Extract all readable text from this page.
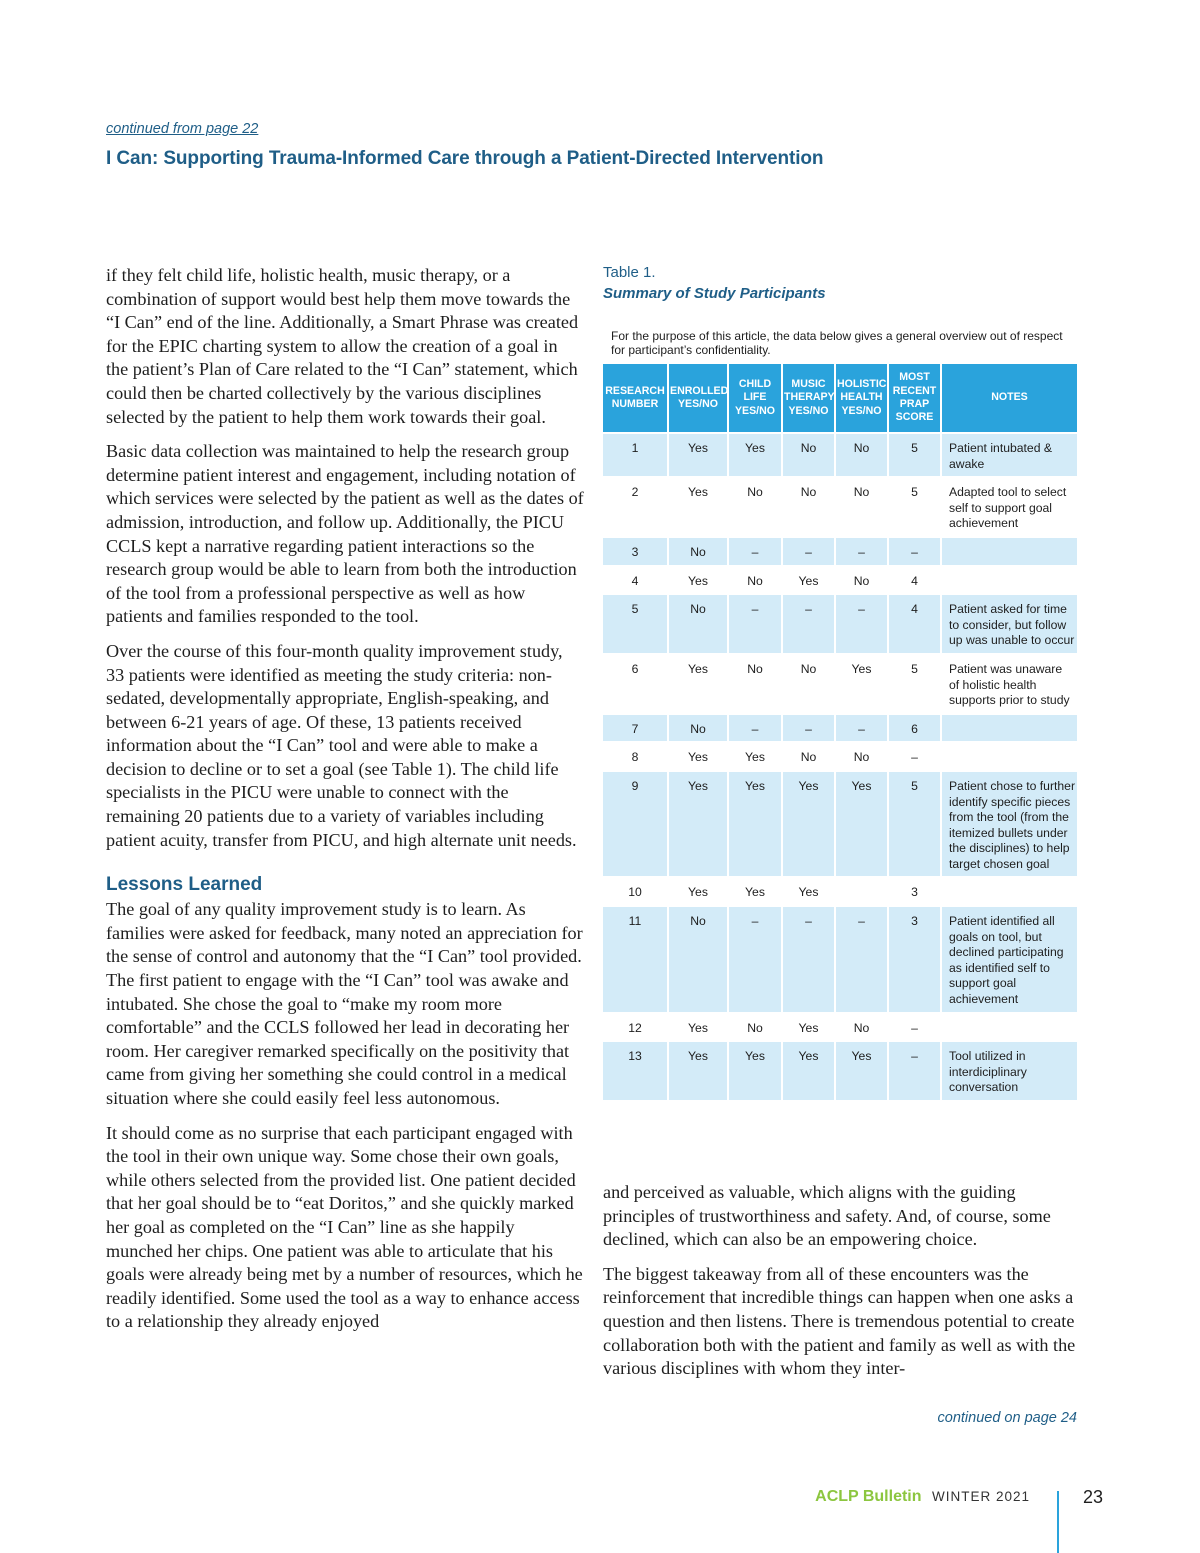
continued from page 22
I Can: Supporting Trauma-Informed Care through a Patient-Directed Intervention

if they felt child life, holistic health, music therapy, or a combination of support would best help them move towards the “I Can” end of the line. Additionally, a Smart Phrase was created for the EPIC charting system to allow the creation of a goal in the patient’s Plan of Care related to the “I Can” statement, which could then be charted collectively by the various disciplines selected by the patient to help them work towards their goal.

Basic data collection was maintained to help the research group determine patient interest and engagement, including notation of which services were selected by the patient as well as the dates of admission, introduction, and follow up. Additionally, the PICU CCLS kept a narrative regarding patient interactions so the research group would be able to learn from both the introduction of the tool from a professional perspective as well as how patients and families responded to the tool.

Over the course of this four-month quality improvement study, 33 patients were identified as meeting the study criteria: non-sedated, developmentally appropriate, English-speaking, and between 6-21 years of age. Of these, 13 patients received information about the “I Can” tool and were able to make a decision to decline or to set a goal (see Table 1). The child life specialists in the PICU were unable to connect with the remaining 20 patients due to a variety of variables including patient acuity, transfer from PICU, and high alternate unit needs.

Lessons Learned

The goal of any quality improvement study is to learn. As families were asked for feedback, many noted an appreciation for the sense of control and autonomy that the “I Can” tool provided. The first patient to engage with the “I Can” tool was awake and intubated. She chose the goal to “make my room more comfortable” and the CCLS followed her lead in decorating her room. Her caregiver remarked specifically on the positivity that came from giving her something she could control in a medical situation where she could easily feel less autonomous.

It should come as no surprise that each participant engaged with the tool in their own unique way. Some chose their own goals, while others selected from the provided list. One patient decided that her goal should be to “eat Doritos,” and she quickly marked her goal as completed on the “I Can” line as she happily munched her chips. One patient was able to articulate that his goals were already being met by a number of resources, which he readily identified. Some used the tool as a way to enhance access to a relationship they already enjoyed

Table 1.

Summary of Study Participants

For the purpose of this article, the data below gives a general overview out of respect for participant’s confidentiality.

RESEARCH NUMBER	ENROLLED YES/NO	CHILD LIFE YES/NO	MUSIC THERAPY YES/NO	HOLISTIC HEALTH YES/NO	MOST RECENT PRAP SCORE	NOTES
1	Yes	Yes	No	No	5	Patient intubated & awake
2	Yes	No	No	No	5	Adapted tool to select self to support goal achievement
3	No	–	–	–	–	
4	Yes	No	Yes	No	4	
5	No	–	–	–	4	Patient asked for time to consider, but follow up was unable to occur
6	Yes	No	No	Yes	5	Patient was unaware of holistic health supports prior to study
7	No	–	–	–	6	
8	Yes	Yes	No	No	–	
9	Yes	Yes	Yes	Yes	5	Patient chose to further identify specific pieces from the tool (from the itemized bullets under the disciplines) to help target chosen goal
10	Yes	Yes	Yes		3	
11	No	–	–	–	3	Patient identified all goals on tool, but declined participating as identified self to support goal achievement
12	Yes	No	Yes	No	–	
13	Yes	Yes	Yes	Yes	–	Tool utilized in interdiciplinary conversation

and perceived as valuable, which aligns with the guiding principles of trustworthiness and safety. And, of course, some declined, which can also be an empowering choice.

The biggest takeaway from all of these encounters was the reinforcement that incredible things can happen when one asks a question and then listens. There is tremendous potential to create collaboration both with the patient and family as well as with the various disciplines with whom they inter-

continued on page 24
ACLP Bulletin WINTER 2021	23
